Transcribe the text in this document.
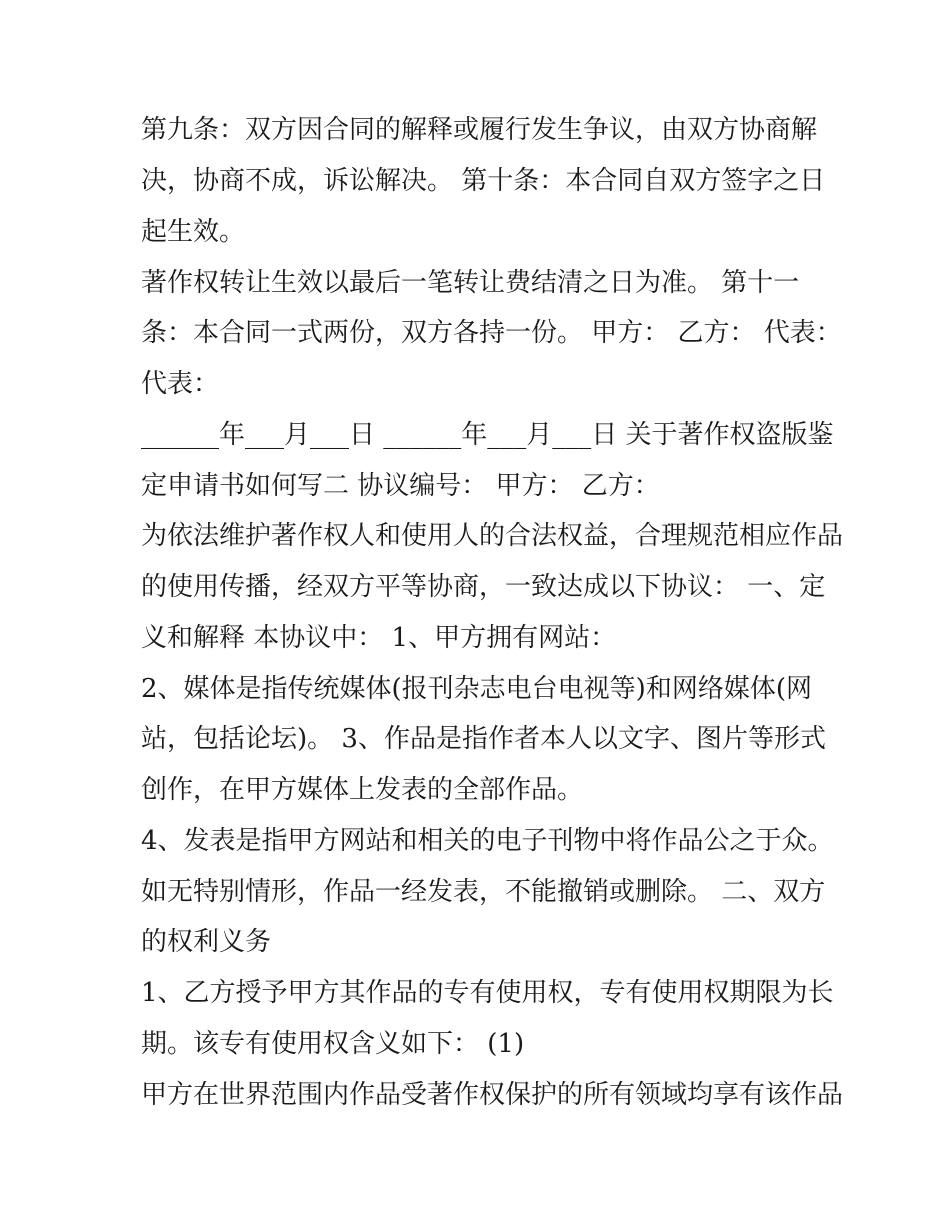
第九条：双方因合同的解释或履行发生争议，由双方协商解
决，协商不成，诉讼解决。 第十条：本合同自双方签字之日
起生效。
著作权转让生效以最后一笔转让费结清之日为准。 第十一
条：本合同一式两份，双方各持一份。 甲方： 乙方： 代表：
代表：
______年___月___日 ______年___月___日 关于著作权盗版鉴
定申请书如何写二 协议编号： 甲方： 乙方：
为依法维护著作权人和使用人的合法权益，合理规范相应作品
的使用传播，经双方平等协商，一致达成以下协议： 一、定
义和解释 本协议中： 1、甲方拥有网站：
2、媒体是指传统媒体(报刊杂志电台电视等)和网络媒体(网
站，包括论坛)。 3、作品是指作者本人以文字、图片等形式
创作，在甲方媒体上发表的全部作品。
4、发表是指甲方网站和相关的电子刊物中将作品公之于众。
如无特别情形，作品一经发表，不能撤销或删除。 二、双方
的权利义务
1、乙方授予甲方其作品的专有使用权，专有使用权期限为长
期。该专有使用权含义如下： (1)
甲方在世界范围内作品受著作权保护的所有领域均享有该作品
